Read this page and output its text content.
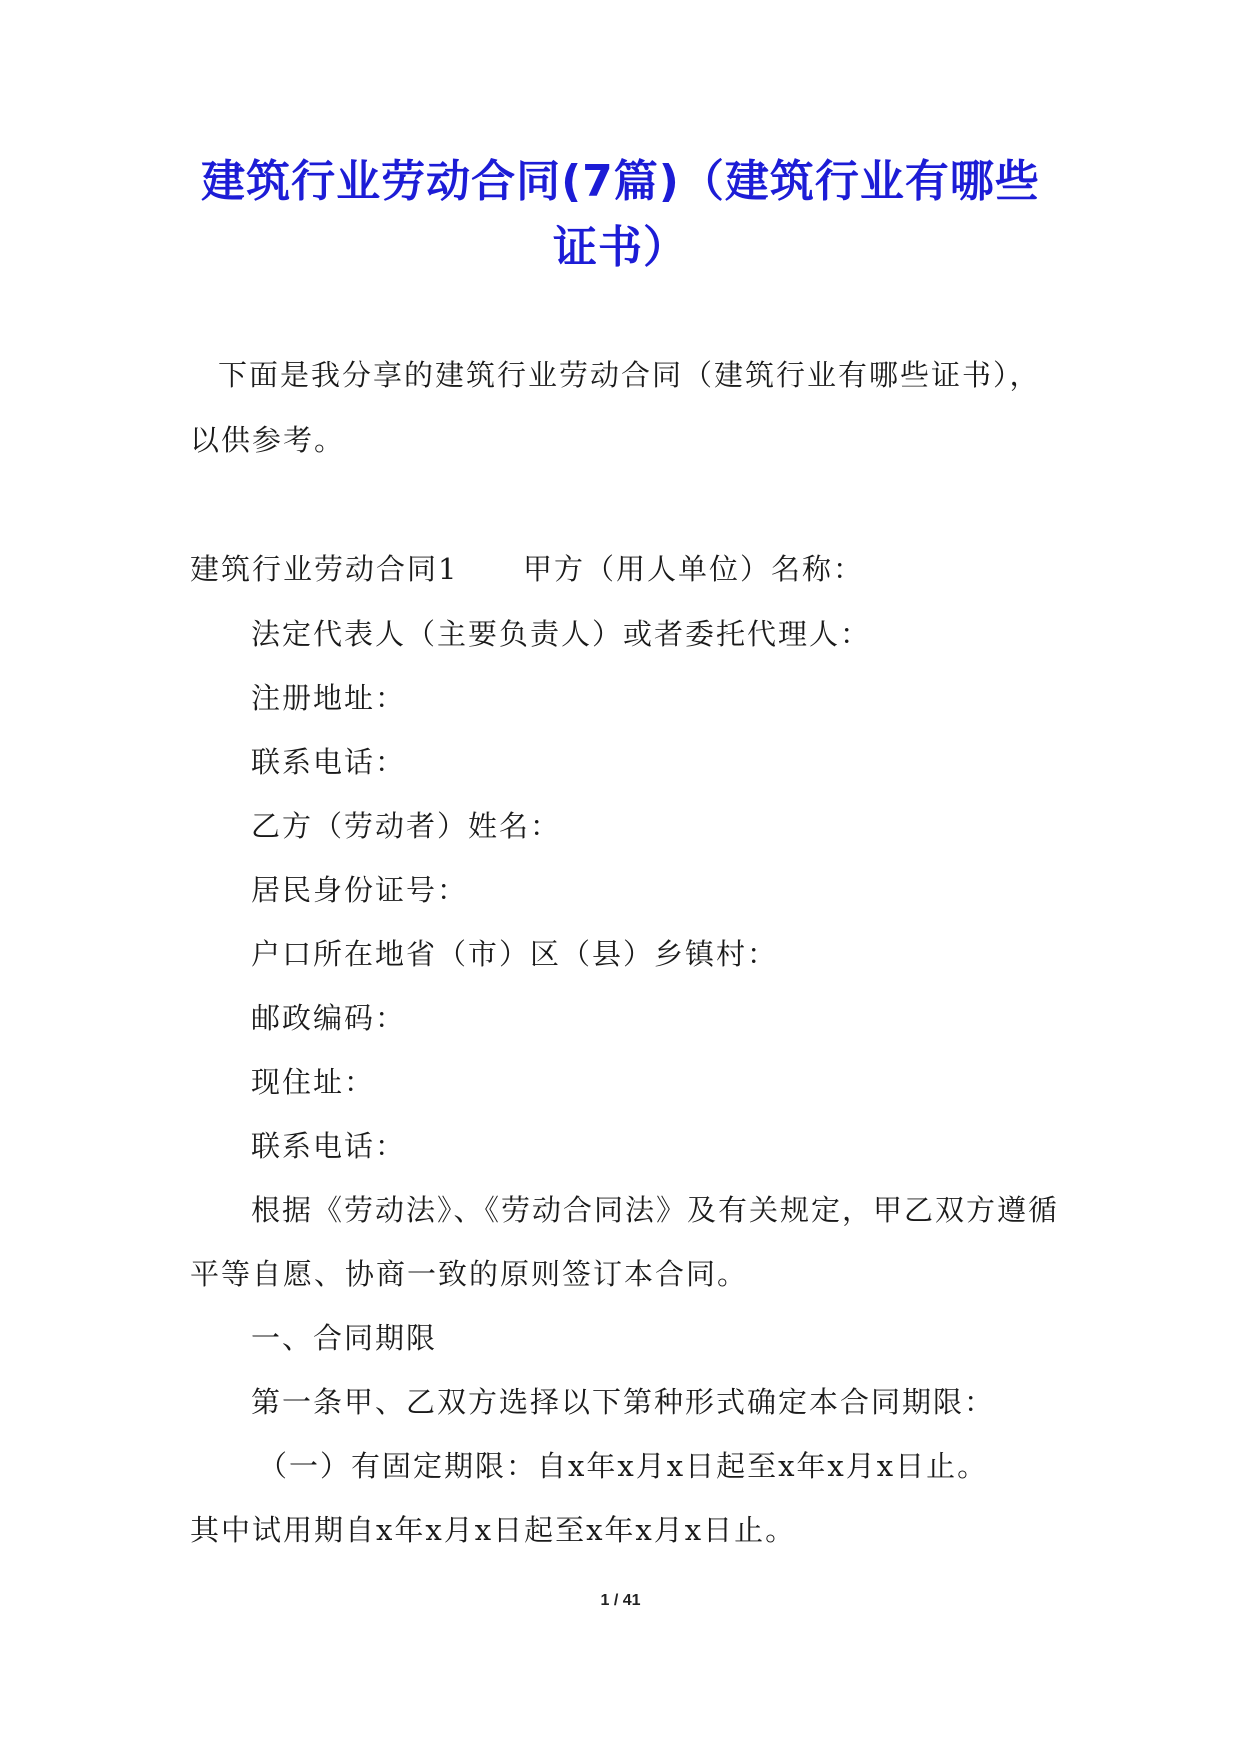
建筑行业劳动合同(7篇)（建筑行业有哪些
证书）
下面是我分享的建筑行业劳动合同（建筑行业有哪些证书），
以供参考。
建筑行业劳动合同1 甲方（用人单位）名称：
法定代表人（主要负责人）或者委托代理人：
注册地址：
联系电话：
乙方（劳动者）姓名：
居民身份证号：
户口所在地省（市）区（县）乡镇村：
邮政编码：
现住址：
联系电话：
根据《劳动法》、《劳动合同法》及有关规定，甲乙双方遵循
平等自愿、协商一致的原则签订本合同。
一、合同期限
第一条甲、乙双方选择以下第种形式确定本合同期限：
（一）有固定期限：自x年x月x日起至x年x月x日止。
其中试用期自x年x月x日起至x年x月x日止。
1 / 41
